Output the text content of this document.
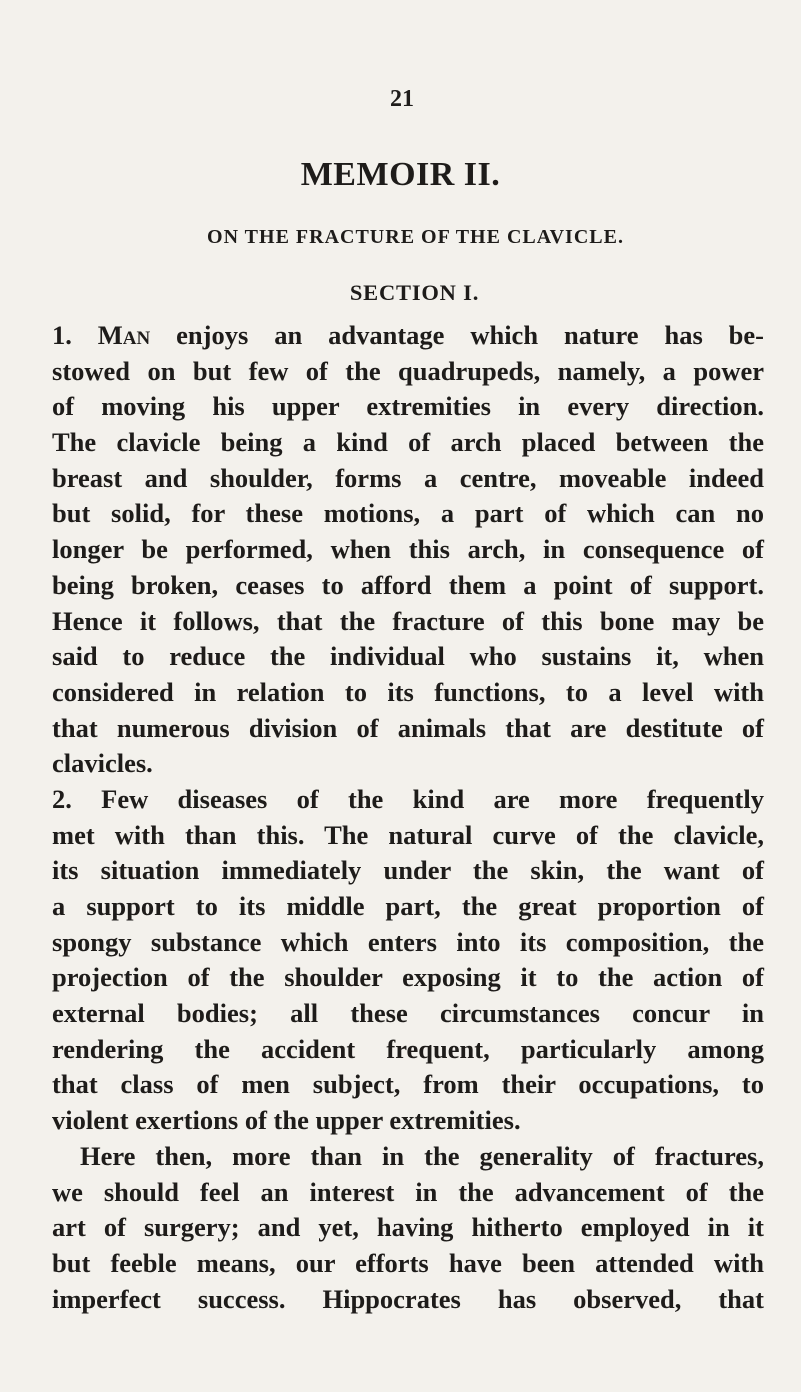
21
MEMOIR II.
ON THE FRACTURE OF THE CLAVICLE.
SECTION I.
1. Man enjoys an advantage which nature has be-
stowed on but few of the quadrupeds, namely, a power
of moving his upper extremities in every direction.
The clavicle being a kind of arch placed between the
breast and shoulder, forms a centre, moveable indeed
but solid, for these motions, a part of which can no
longer be performed, when this arch, in consequence of
being broken, ceases to afford them a point of support.
Hence it follows, that the fracture of this bone may be
said to reduce the individual who sustains it, when
considered in relation to its functions, to a level with
that numerous division of animals that are destitute of
clavicles.
2. Few diseases of the kind are more frequently
met with than this. The natural curve of the clavicle,
its situation immediately under the skin, the want of
a support to its middle part, the great proportion of
spongy substance which enters into its composition, the
projection of the shoulder exposing it to the action of
external bodies; all these circumstances concur in
rendering the accident frequent, particularly among
that class of men subject, from their occupations, to
violent exertions of the upper extremities.
Here then, more than in the generality of fractures,
we should feel an interest in the advancement of the
art of surgery; and yet, having hitherto employed in it
but feeble means, our efforts have been attended with
imperfect success. Hippocrates has observed, that
